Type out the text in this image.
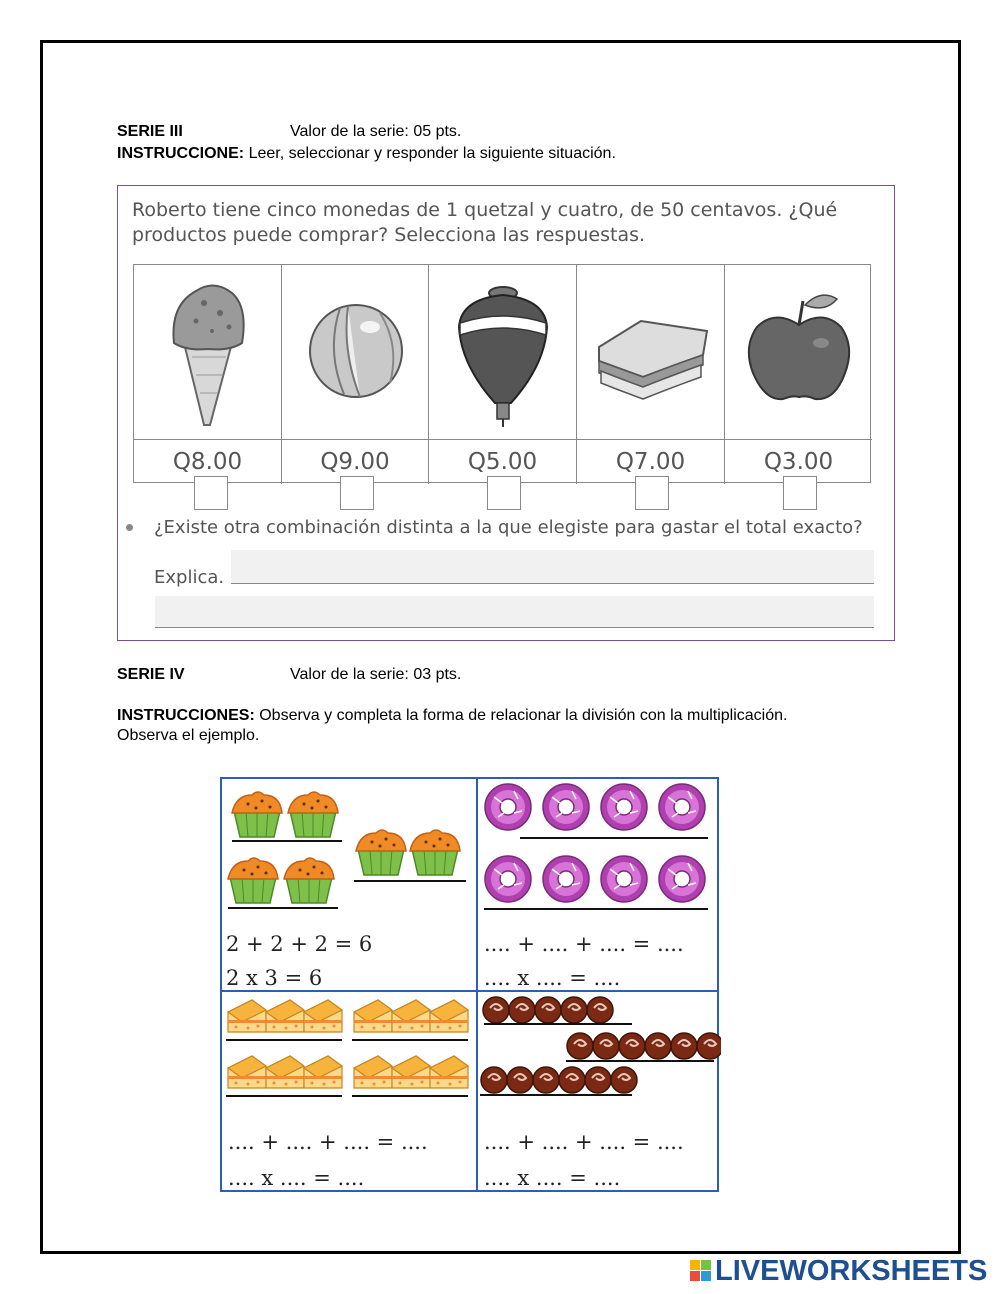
SERIE III	Valor de la serie: 05 pts.
INSTRUCCIONE: Leer, seleccionar y responder la siguiente situación.
Roberto tiene cinco monedas de 1 quetzal y cuatro, de 50 centavos. ¿Qué
productos puede comprar? Selecciona las respuestas.
Q8.00	Q9.00	Q5.00	Q7.00	Q3.00
¿Existe otra combinación distinta a la que elegiste para gastar el total exacto?
Explica.
SERIE IV	Valor de la serie: 03 pts.
INSTRUCCIONES: Observa y completa la forma de relacionar la división con la multiplicación.
Observa el ejemplo.
2 + 2 + 2 = 6
2 x 3 = 6
.... + .... + .... = ....
.... x .... = ....
.... + .... + .... = ....
.... x .... = ....
.... + .... + .... = ....
.... x .... = ....
LIVEWORKSHEETS
